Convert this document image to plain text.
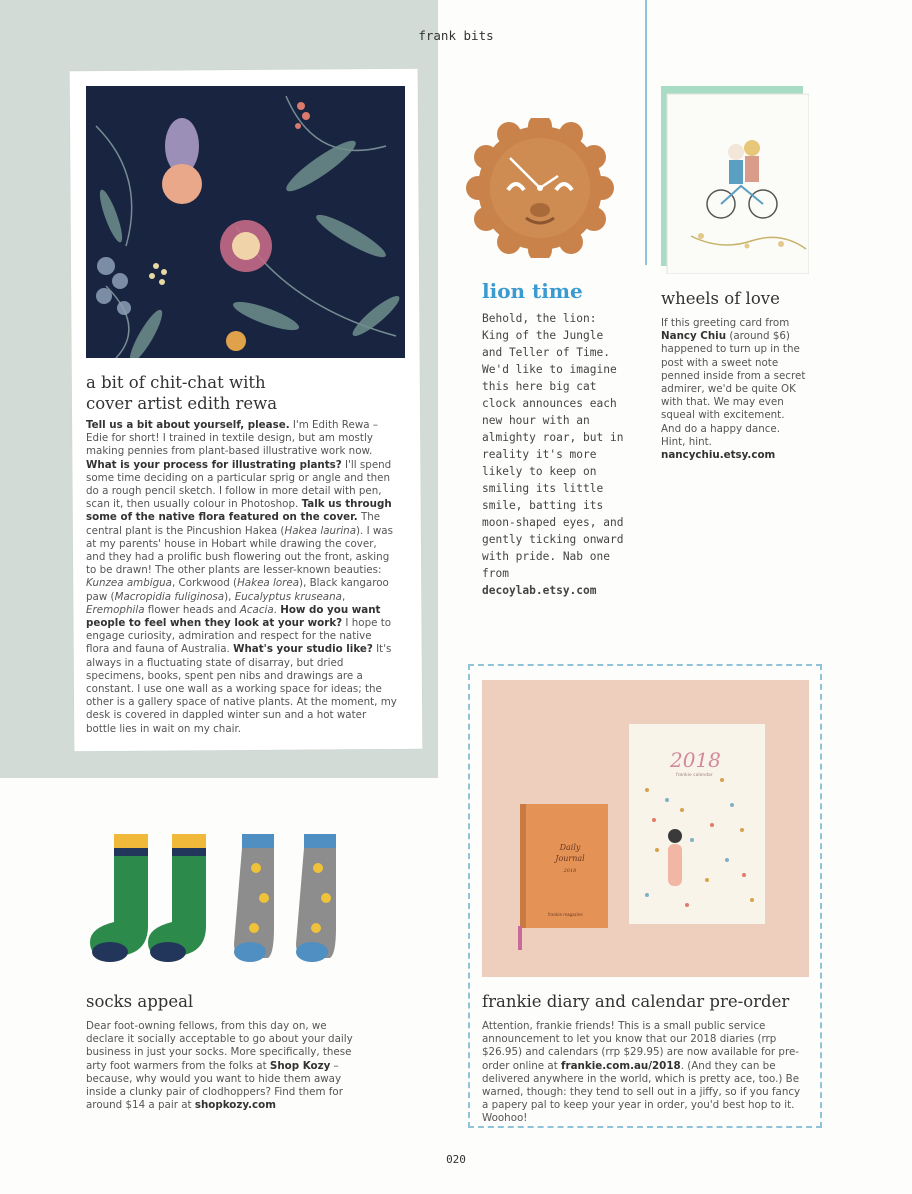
frank bits
a bit of chit-chat with
cover artist edith rewa
Tell us a bit about yourself, please. I'm Edith Rewa – Edie for short! I trained in textile design, but am mostly making pennies from plant-based illustrative work now. What is your process for illustrating plants? I'll spend some time deciding on a particular sprig or angle and then do a rough pencil sketch. I follow in more detail with pen, scan it, then usually colour in Photoshop. Talk us through some of the native flora featured on the cover. The central plant is the Pincushion Hakea (Hakea laurina). I was at my parents' house in Hobart while drawing the cover, and they had a prolific bush flowering out the front, asking to be drawn! The other plants are lesser-known beauties: Kunzea ambigua, Corkwood (Hakea lorea), Black kangaroo paw (Macropidia fuliginosa), Eucalyptus kruseana, Eremophila flower heads and Acacia. How do you want people to feel when they look at your work? I hope to engage curiosity, admiration and respect for the native flora and fauna of Australia. What's your studio like? It's always in a fluctuating state of disarray, but dried specimens, books, spent pen nibs and drawings are a constant. I use one wall as a working space for ideas; the other is a gallery space of native plants. At the moment, my desk is covered in dappled winter sun and a hot water bottle lies in wait on my chair.
lion time
Behold, the lion: King of the Jungle and Teller of Time. We'd like to imagine this here big cat clock announces each new hour with an almighty roar, but in reality it's more likely to keep on smiling its little smile, batting its moon-shaped eyes, and gently ticking onward with pride. Nab one from decoylab.etsy.com
wheels of love
If this greeting card from Nancy Chiu (around $6) happened to turn up in the post with a sweet note penned inside from a secret admirer, we'd be quite OK with that. We may even squeal with excitement. And do a happy dance. Hint, hint. nancychiu.etsy.com
2018
frankie calendar
Daily
Journal
2018
frankie magazine
frankie diary and calendar pre-order
Attention, frankie friends! This is a small public service announcement to let you know that our 2018 diaries (rrp $26.95) and calendars (rrp $29.95) are now available for pre-order online at frankie.com.au/2018. (And they can be delivered anywhere in the world, which is pretty ace, too.) Be warned, though: they tend to sell out in a jiffy, so if you fancy a papery pal to keep your year in order, you'd best hop to it. Woohoo!
socks appeal
Dear foot-owning fellows, from this day on, we declare it socially acceptable to go about your daily business in just your socks. More specifically, these arty foot warmers from the folks at Shop Kozy – because, why would you want to hide them away inside a clunky pair of clodhoppers? Find them for around $14 a pair at shopkozy.com
020
